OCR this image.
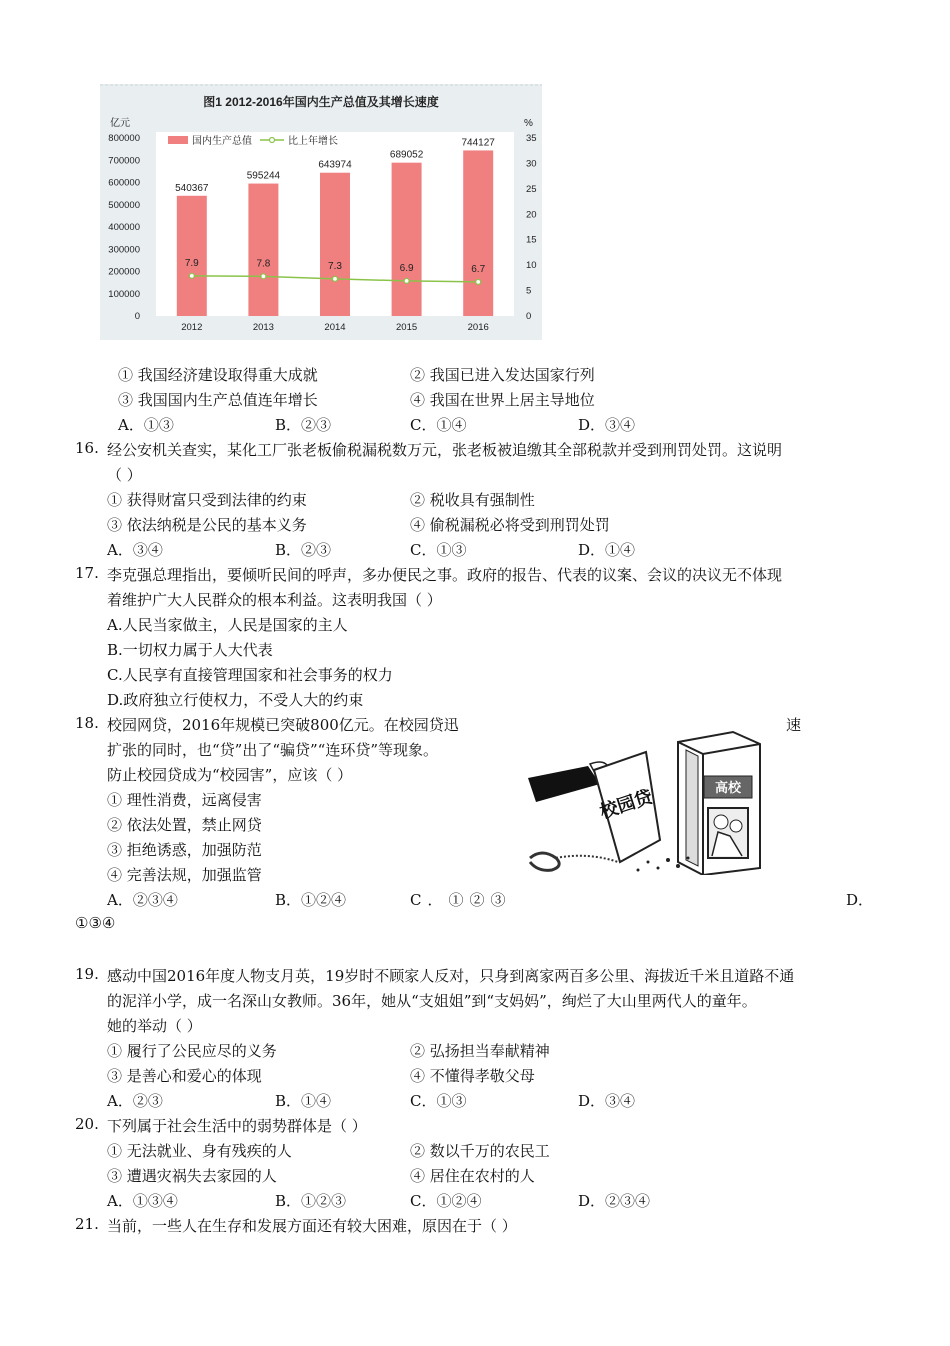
图1 2012-2016年国内生产总值及其增长速度
亿元	%
800000
700000
600000
500000
400000
300000
200000
100000
0
35
30
25
20
15
10
5
0
540367
2012
595244
2013
643974
2014
689052
2015
744127
2016
7.9	7.8	7.3	6.9	6.7
国内生产总值	比上年增长
① 我国经济建设取得重大成就	② 我国已进入发达国家行列
③ 我国国内生产总值连年增长	④ 我国在世界上居主导地位
A．①③	B．②③	C．①④	D．③④
16. 经公安机关查实，某化工厂张老板偷税漏税数万元，张老板被追缴其全部税款并受到刑罚处罚。这说明
（ ）
① 获得财富只受到法律的约束	② 税收具有强制性
③ 依法纳税是公民的基本义务	④ 偷税漏税必将受到刑罚处罚
A．③④	B．②③	C．①③	D．①④
17. 李克强总理指出，要倾听民间的呼声，多办便民之事。政府的报告、代表的议案、会议的决议无不体现
着维护广大人民群众的根本利益。这表明我国（ ）
A.人民当家做主，人民是国家的主人
B.一切权力属于人大代表
C.人民享有直接管理国家和社会事务的权力
D.政府独立行使权力，不受人大的约束
18. 校园网贷，2016年规模已突破800亿元。在校园贷迅	速
扩张的同时，也“贷”出了“骗贷”“连环贷”等现象。
防止校园贷成为“校园害”，应该（ ）
① 理性消费，远离侵害
② 依法处置，禁止网贷
③ 拒绝诱惑，加强防范
④ 完善法规，加强监管
A．②③④	B．①②④	C．①②③	D．
①③④
高校
校园贷
19. 感动中国2016年度人物支月英，19岁时不顾家人反对，只身到离家两百多公里、海拔近千米且道路不通
的泥洋小学，成一名深山女教师。36年，她从“支姐姐”到“支妈妈”，绚烂了大山里两代人的童年。
她的举动（ ）
① 履行了公民应尽的义务	② 弘扬担当奉献精神
③ 是善心和爱心的体现	④ 不懂得孝敬父母
A．②③	B．①④	C．①③	D．③④
20. 下列属于社会生活中的弱势群体是（ ）
① 无法就业、身有残疾的人	② 数以千万的农民工
③ 遭遇灾祸失去家园的人	④ 居住在农村的人
A．①③④	B．①②③	C．①②④	D．②③④
21. 当前，一些人在生存和发展方面还有较大困难，原因在于（ ）
